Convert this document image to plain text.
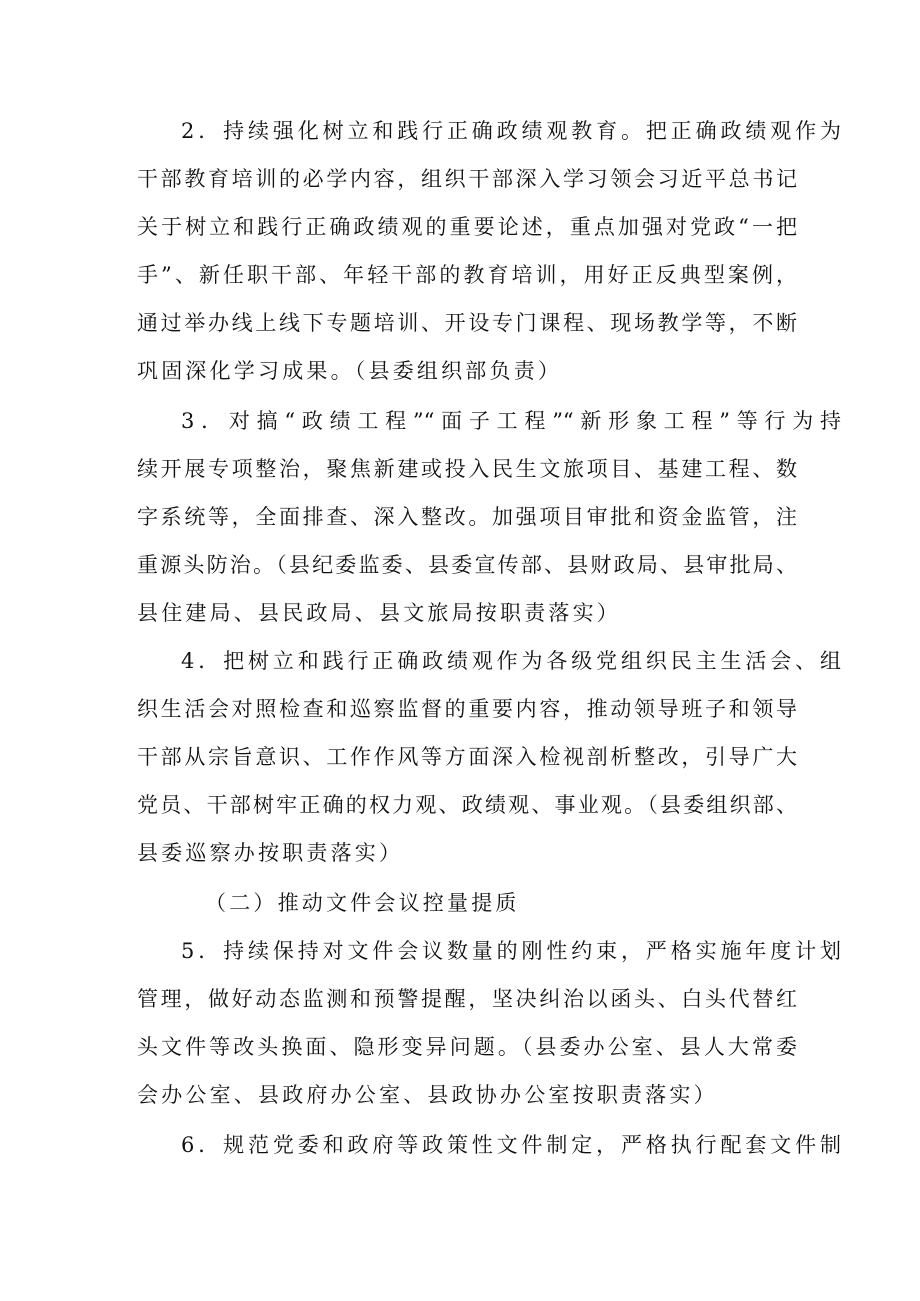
2．持续强化树立和践行正确政绩观教育。把正确政绩观作为
干部教育培训的必学内容，组织干部深入学习领会习近平总书记
关于树立和践行正确政绩观的重要论述，重点加强对党政“一把
手”、新任职干部、年轻干部的教育培训，用好正反典型案例，
通过举办线上线下专题培训、开设专门课程、现场教学等，不断
巩固深化学习成果。（县委组织部负责）
3．对搞“政绩工程”“面子工程”“新形象工程”等行为持
续开展专项整治，聚焦新建或投入民生文旅项目、基建工程、数
字系统等，全面排查、深入整改。加强项目审批和资金监管，注
重源头防治。（县纪委监委、县委宣传部、县财政局、县审批局、
县住建局、县民政局、县文旅局按职责落实）
4．把树立和践行正确政绩观作为各级党组织民主生活会、组
织生活会对照检查和巡察监督的重要内容，推动领导班子和领导
干部从宗旨意识、工作作风等方面深入检视剖析整改，引导广大
党员、干部树牢正确的权力观、政绩观、事业观。（县委组织部、
县委巡察办按职责落实）
（二）推动文件会议控量提质
5．持续保持对文件会议数量的刚性约束，严格实施年度计划
管理，做好动态监测和预警提醒，坚决纠治以函头、白头代替红
头文件等改头换面、隐形变异问题。（县委办公室、县人大常委
会办公室、县政府办公室、县政协办公室按职责落实）
6．规范党委和政府等政策性文件制定，严格执行配套文件制
